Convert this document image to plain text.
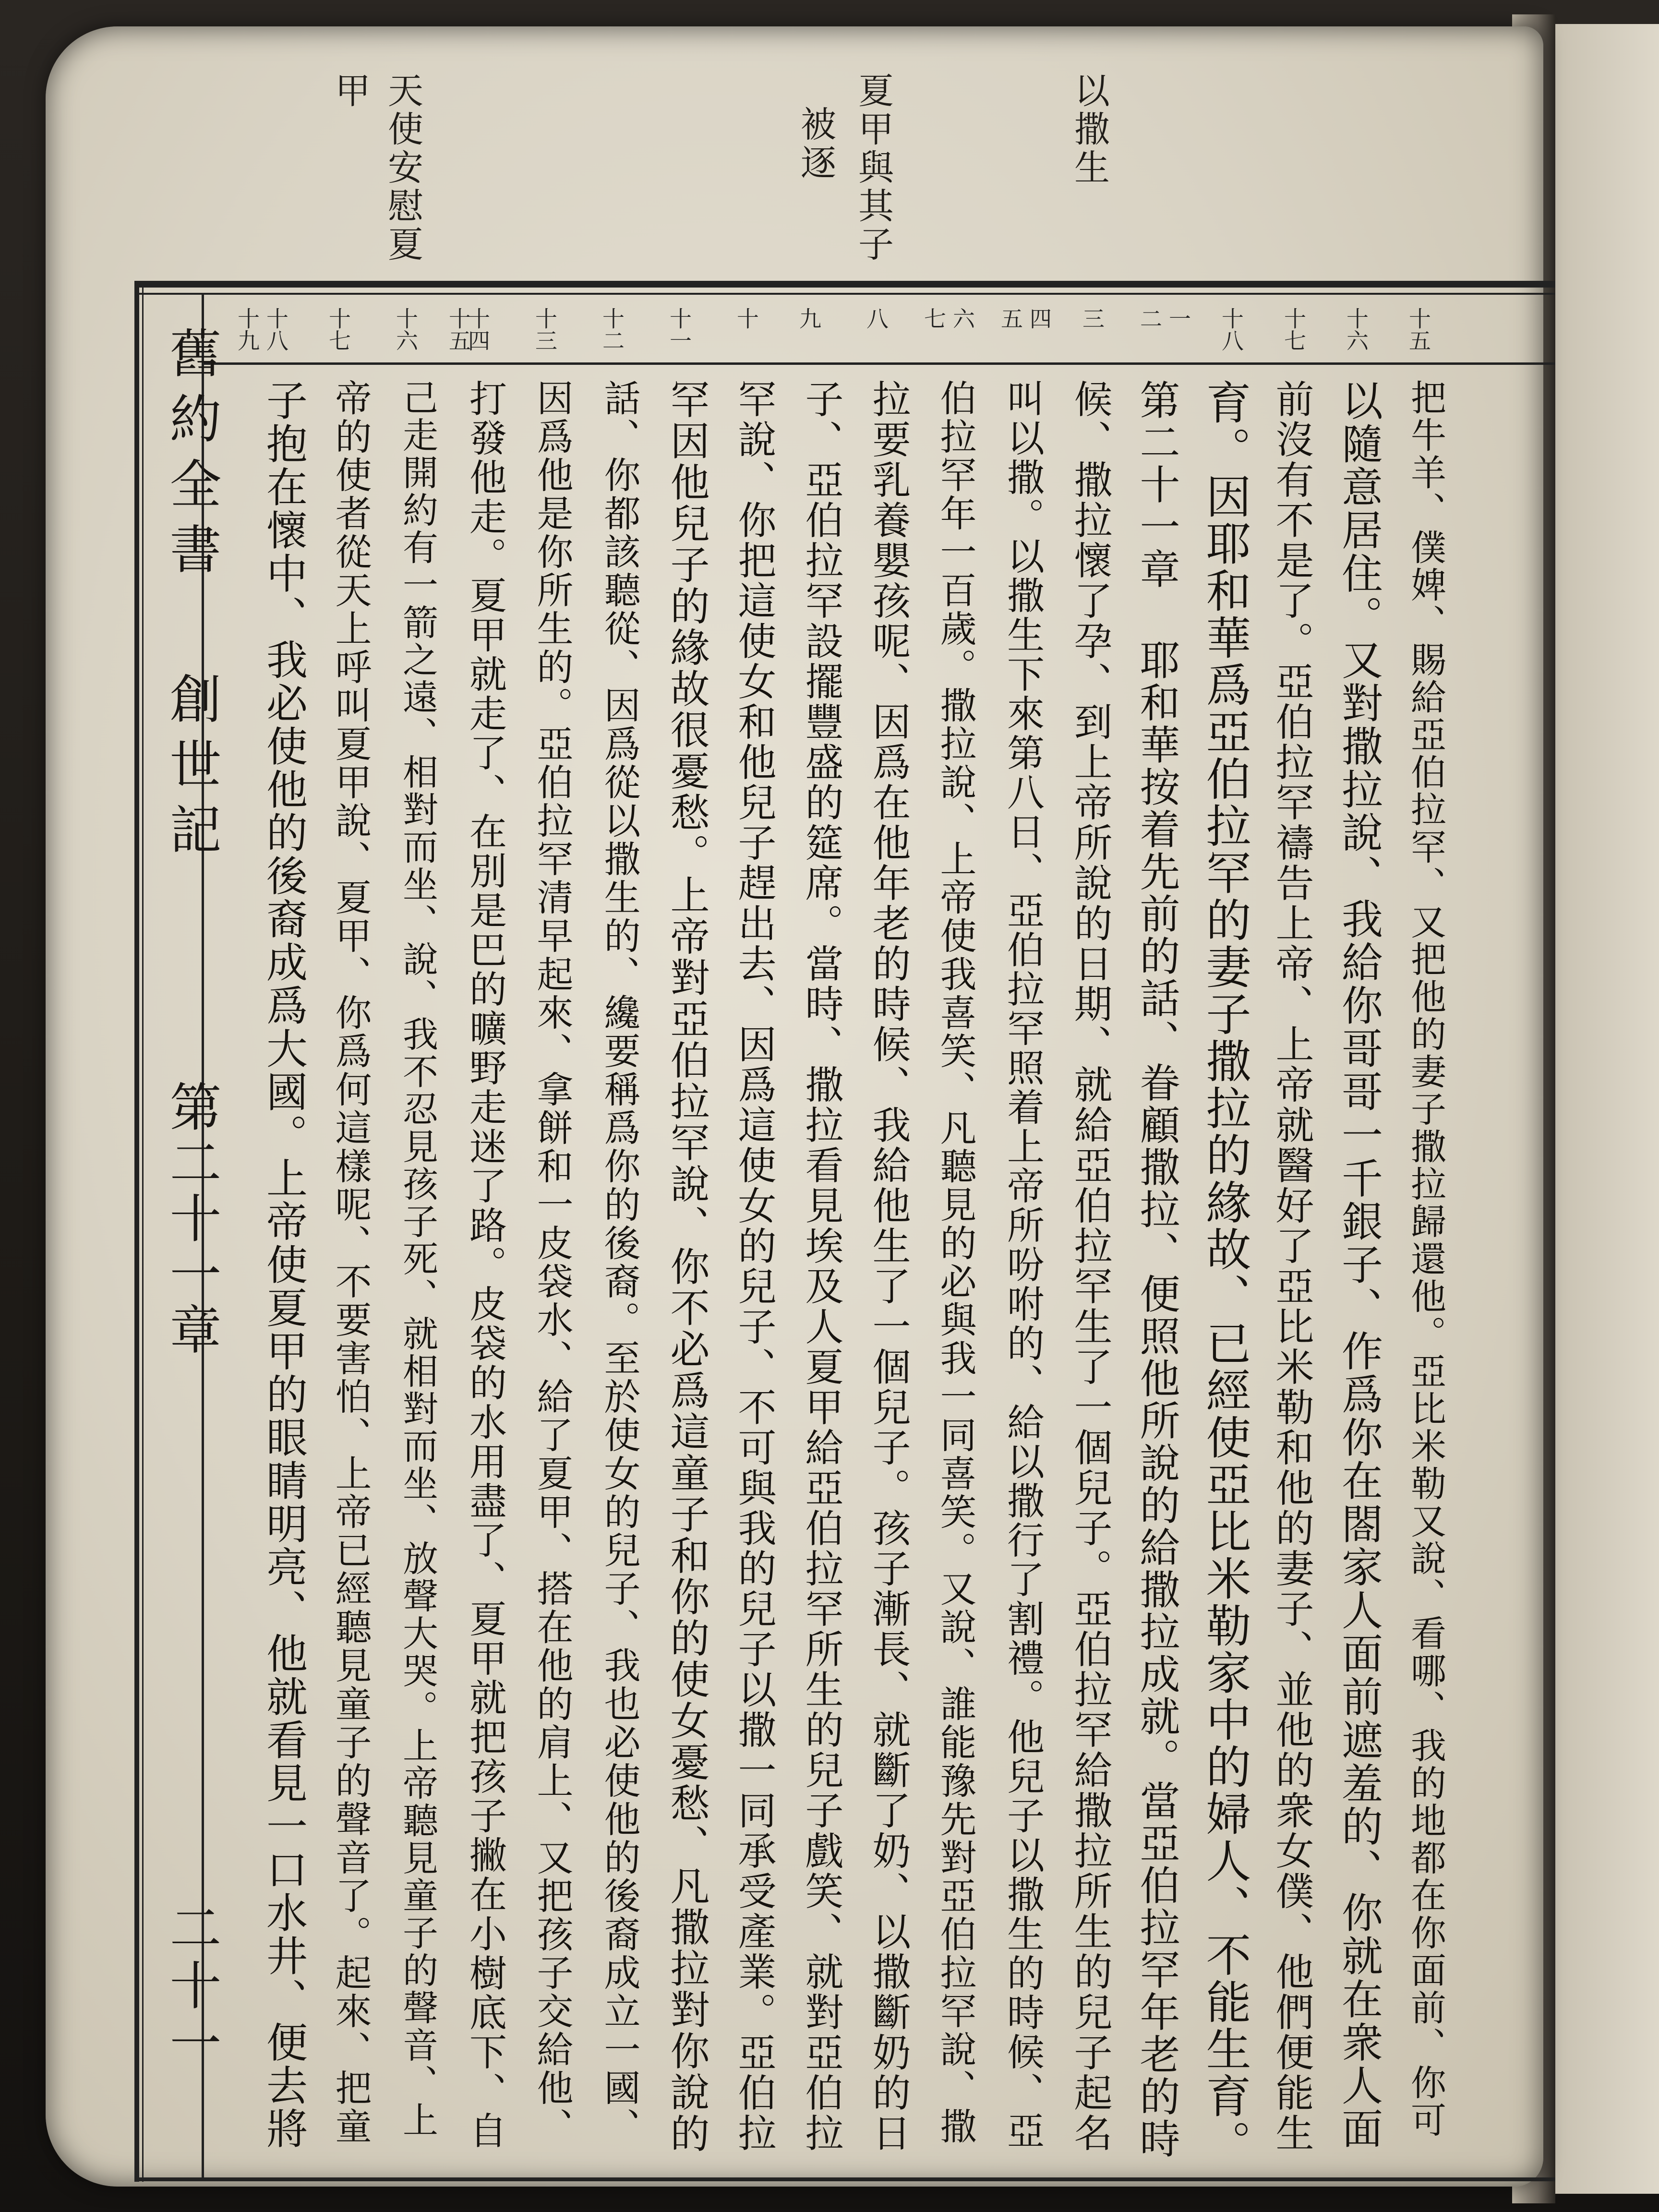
以撒生
夏甲與其子
被逐
天使安慰夏
甲
舊約全書
創世記
第二十一章
二十一
十五
十六
十七
十八
一
二
三
四
五
六
七
八
九
十
十一
十二
十三
十四
十五
十六
十七
十八
十九
把牛羊、僕婢、賜給亞伯拉罕、又把他的妻子撒拉歸還他。亞比米勒又說、看哪、我的地都在你面前、你可
以隨意居住。又對撒拉說、我給你哥哥一千銀子、作爲你在閤家人面前遮羞的、你就在衆人面
前沒有不是了。亞伯拉罕禱告上帝、上帝就醫好了亞比米勒和他的妻子、並他的衆女僕、他們便能生
育。因耶和華爲亞伯拉罕的妻子撒拉的緣故、已經使亞比米勒家中的婦人、不能生育。
第二十一章 耶和華按着先前的話、眷顧撒拉、便照他所說的給撒拉成就。當亞伯拉罕年老的時
候、撒拉懷了孕、到上帝所說的日期、就給亞伯拉罕生了一個兒子。亞伯拉罕給撒拉所生的兒子起名
叫以撒。以撒生下來第八日、亞伯拉罕照着上帝所吩咐的、給以撒行了割禮。他兒子以撒生的時候、亞
伯拉罕年一百歲。撒拉說、上帝使我喜笑、凡聽見的必與我一同喜笑。又說、誰能豫先對亞伯拉罕說、撒
拉要乳養嬰孩呢、因爲在他年老的時候、我給他生了一個兒子。孩子漸長、就斷了奶、以撒斷奶的日
子、亞伯拉罕設擺豐盛的筵席。當時、撒拉看見埃及人夏甲給亞伯拉罕所生的兒子戲笑、就對亞伯拉
罕說、你把這使女和他兒子趕出去、因爲這使女的兒子、不可與我的兒子以撒一同承受產業。亞伯拉
罕因他兒子的緣故很憂愁。上帝對亞伯拉罕說、你不必爲這童子和你的使女憂愁、凡撒拉對你說的
話、你都該聽從、因爲從以撒生的、纔要稱爲你的後裔。至於使女的兒子、我也必使他的後裔成立一國、
因爲他是你所生的。亞伯拉罕清早起來、拿餅和一皮袋水、給了夏甲、搭在他的肩上、又把孩子交給他、
打發他走。夏甲就走了、在別是巴的曠野走迷了路。皮袋的水用盡了、夏甲就把孩子撇在小樹底下、自
己走開約有一箭之遠、相對而坐、說、我不忍見孩子死、就相對而坐、放聲大哭。上帝聽見童子的聲音、上
帝的使者從天上呼叫夏甲說、夏甲、你爲何這樣呢、不要害怕、上帝已經聽見童子的聲音了。起來、把童
子抱在懷中、我必使他的後裔成爲大國。上帝使夏甲的眼睛明亮、他就看見一口水井、便去將
